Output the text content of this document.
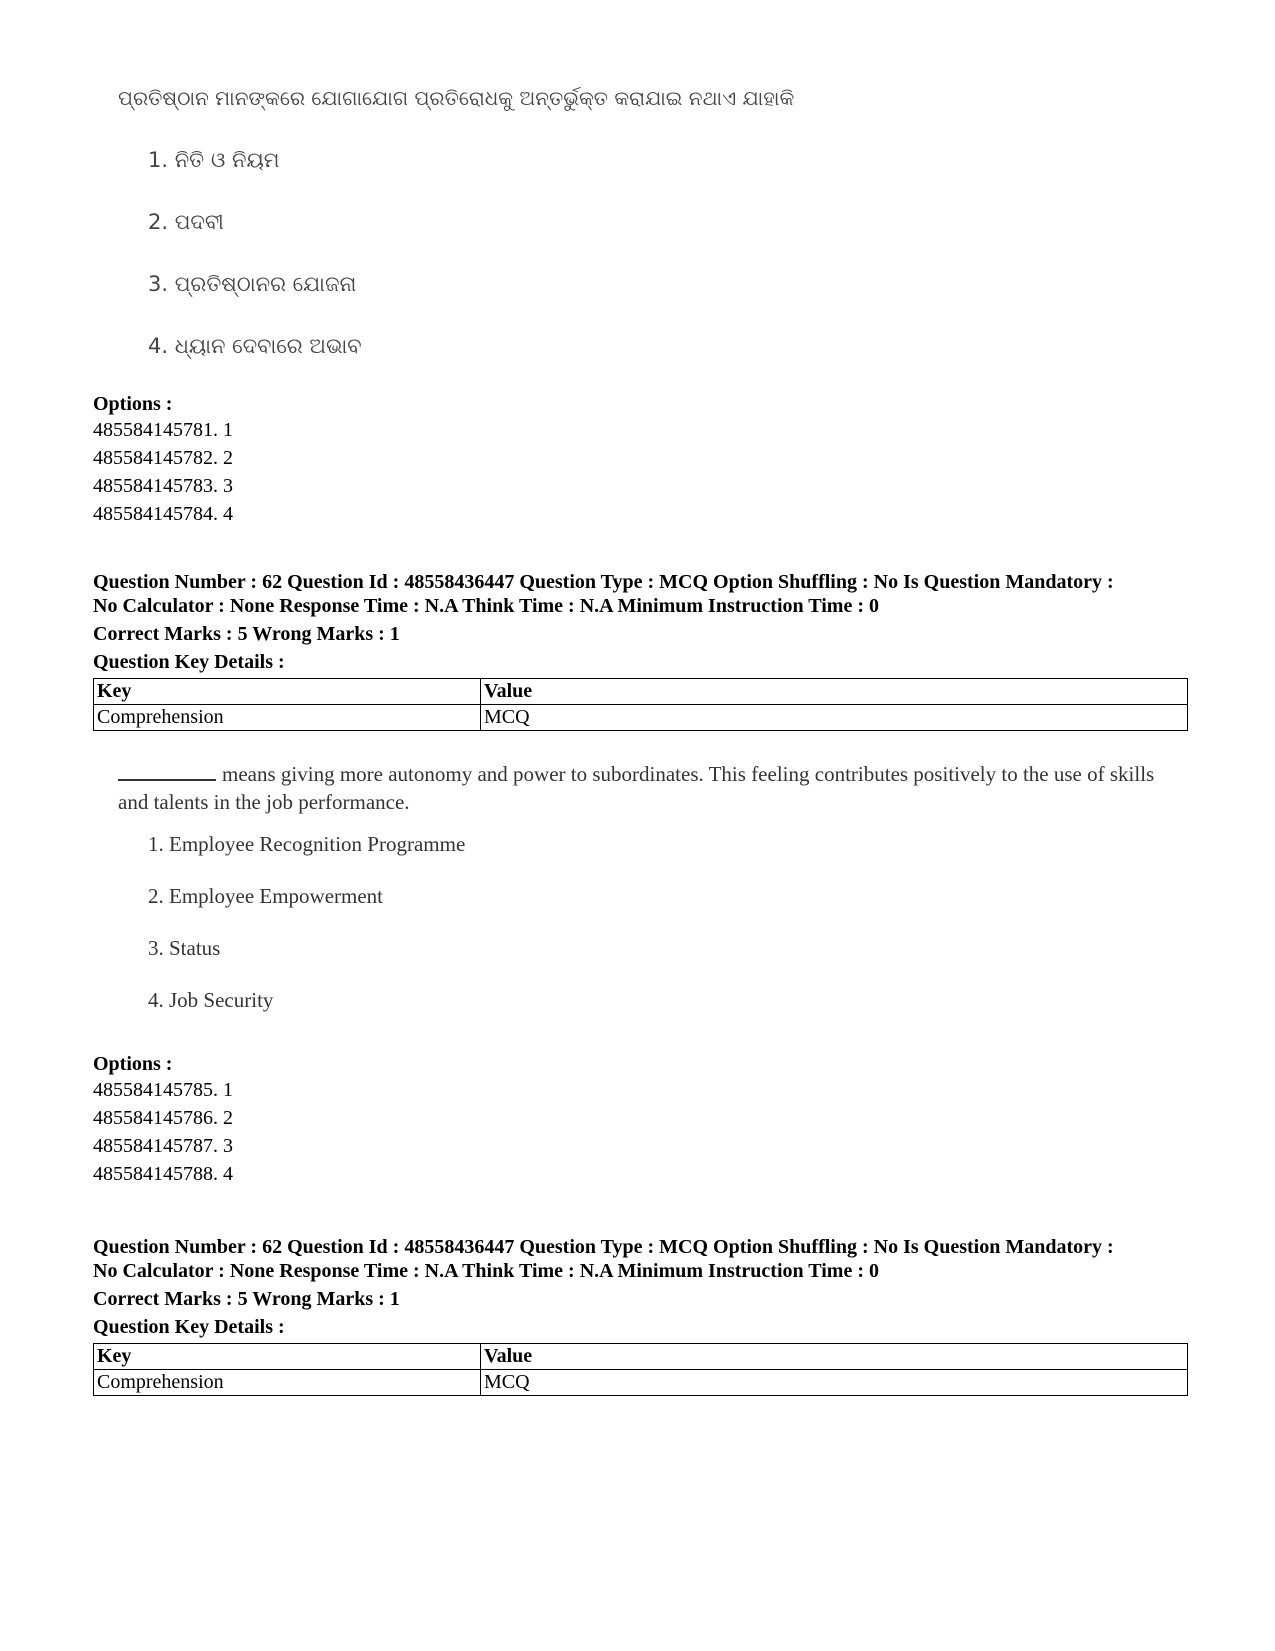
ପ୍ରତିଷ୍ଠାନ ମାନଙ୍କରେ ଯୋଗାଯୋଗ ପ୍ରତିରୋଧକୁ ଅନ୍ତର୍ଭୁକ୍ତ କରାଯାଇ ନଥାଏ ଯାହାକି
1. ନିତି ଓ ନିୟମ
2. ପଦବୀ
3. ପ୍ରତିଷ୍ଠାନର ଯୋଜନା
4. ଧ୍ୟାନ ଦେବାରେ ଅଭାବ
Options :
485584145781. 1
485584145782. 2
485584145783. 3
485584145784. 4
Question Number : 62 Question Id : 48558436447 Question Type : MCQ Option Shuffling : No Is Question Mandatory :
No Calculator : None Response Time : N.A Think Time : N.A Minimum Instruction Time : 0
Correct Marks : 5 Wrong Marks : 1
Question Key Details :
Key	Value
Comprehension	MCQ
means giving more autonomy and power to subordinates. This feeling contributes positively to the use of skills and talents in the job performance.
1. Employee Recognition Programme
2. Employee Empowerment
3. Status
4. Job Security
Options :
485584145785. 1
485584145786. 2
485584145787. 3
485584145788. 4
Question Number : 62 Question Id : 48558436447 Question Type : MCQ Option Shuffling : No Is Question Mandatory :
No Calculator : None Response Time : N.A Think Time : N.A Minimum Instruction Time : 0
Correct Marks : 5 Wrong Marks : 1
Question Key Details :
Key	Value
Comprehension	MCQ
